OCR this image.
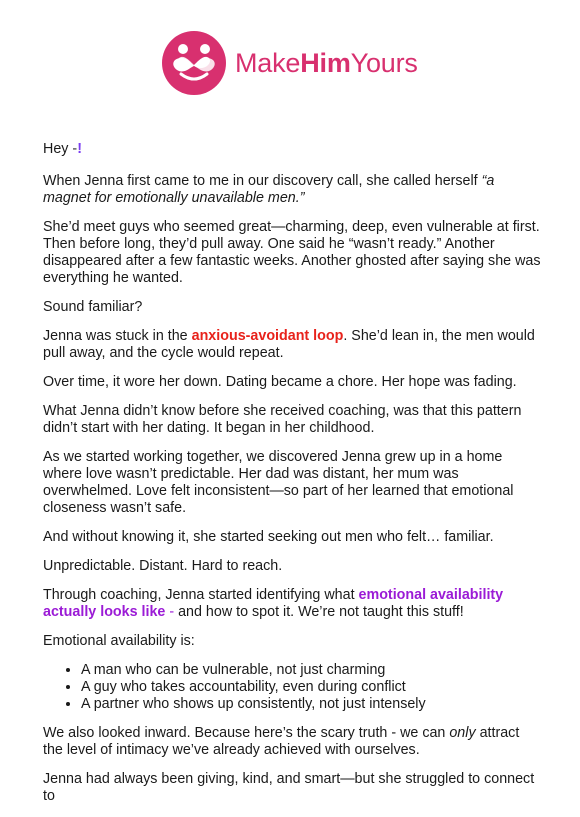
MakeHimYours

Hey -!

When Jenna first came to me in our discovery call, she called herself “a magnet for emotionally unavailable men.”

She’d meet guys who seemed great—charming, deep, even vulnerable at first. Then before long, they’d pull away. One said he “wasn’t ready.” Another disappeared after a few fantastic weeks. Another ghosted after saying she was everything he wanted.

Sound familiar?

Jenna was stuck in the anxious-avoidant loop. She’d lean in, the men would pull away, and the cycle would repeat.

Over time, it wore her down. Dating became a chore. Her hope was fading.

What Jenna didn’t know before she received coaching, was that this pattern didn’t start with her dating. It began in her childhood.

As we started working together, we discovered Jenna grew up in a home where love wasn’t predictable. Her dad was distant, her mum was overwhelmed. Love felt inconsistent—so part of her learned that emotional closeness wasn’t safe.

And without knowing it, she started seeking out men who felt… familiar.

Unpredictable. Distant. Hard to reach.

Through coaching, Jenna started identifying what emotional availability actually looks like - and how to spot it. We’re not taught this stuff!

Emotional availability is:

• A man who can be vulnerable, not just charming
• A guy who takes accountability, even during conflict
• A partner who shows up consistently, not just intensely

We also looked inward. Because here’s the scary truth - we can only attract the level of intimacy we’ve already achieved with ourselves.

Jenna had always been giving, kind, and smart—but she struggled to connect to
